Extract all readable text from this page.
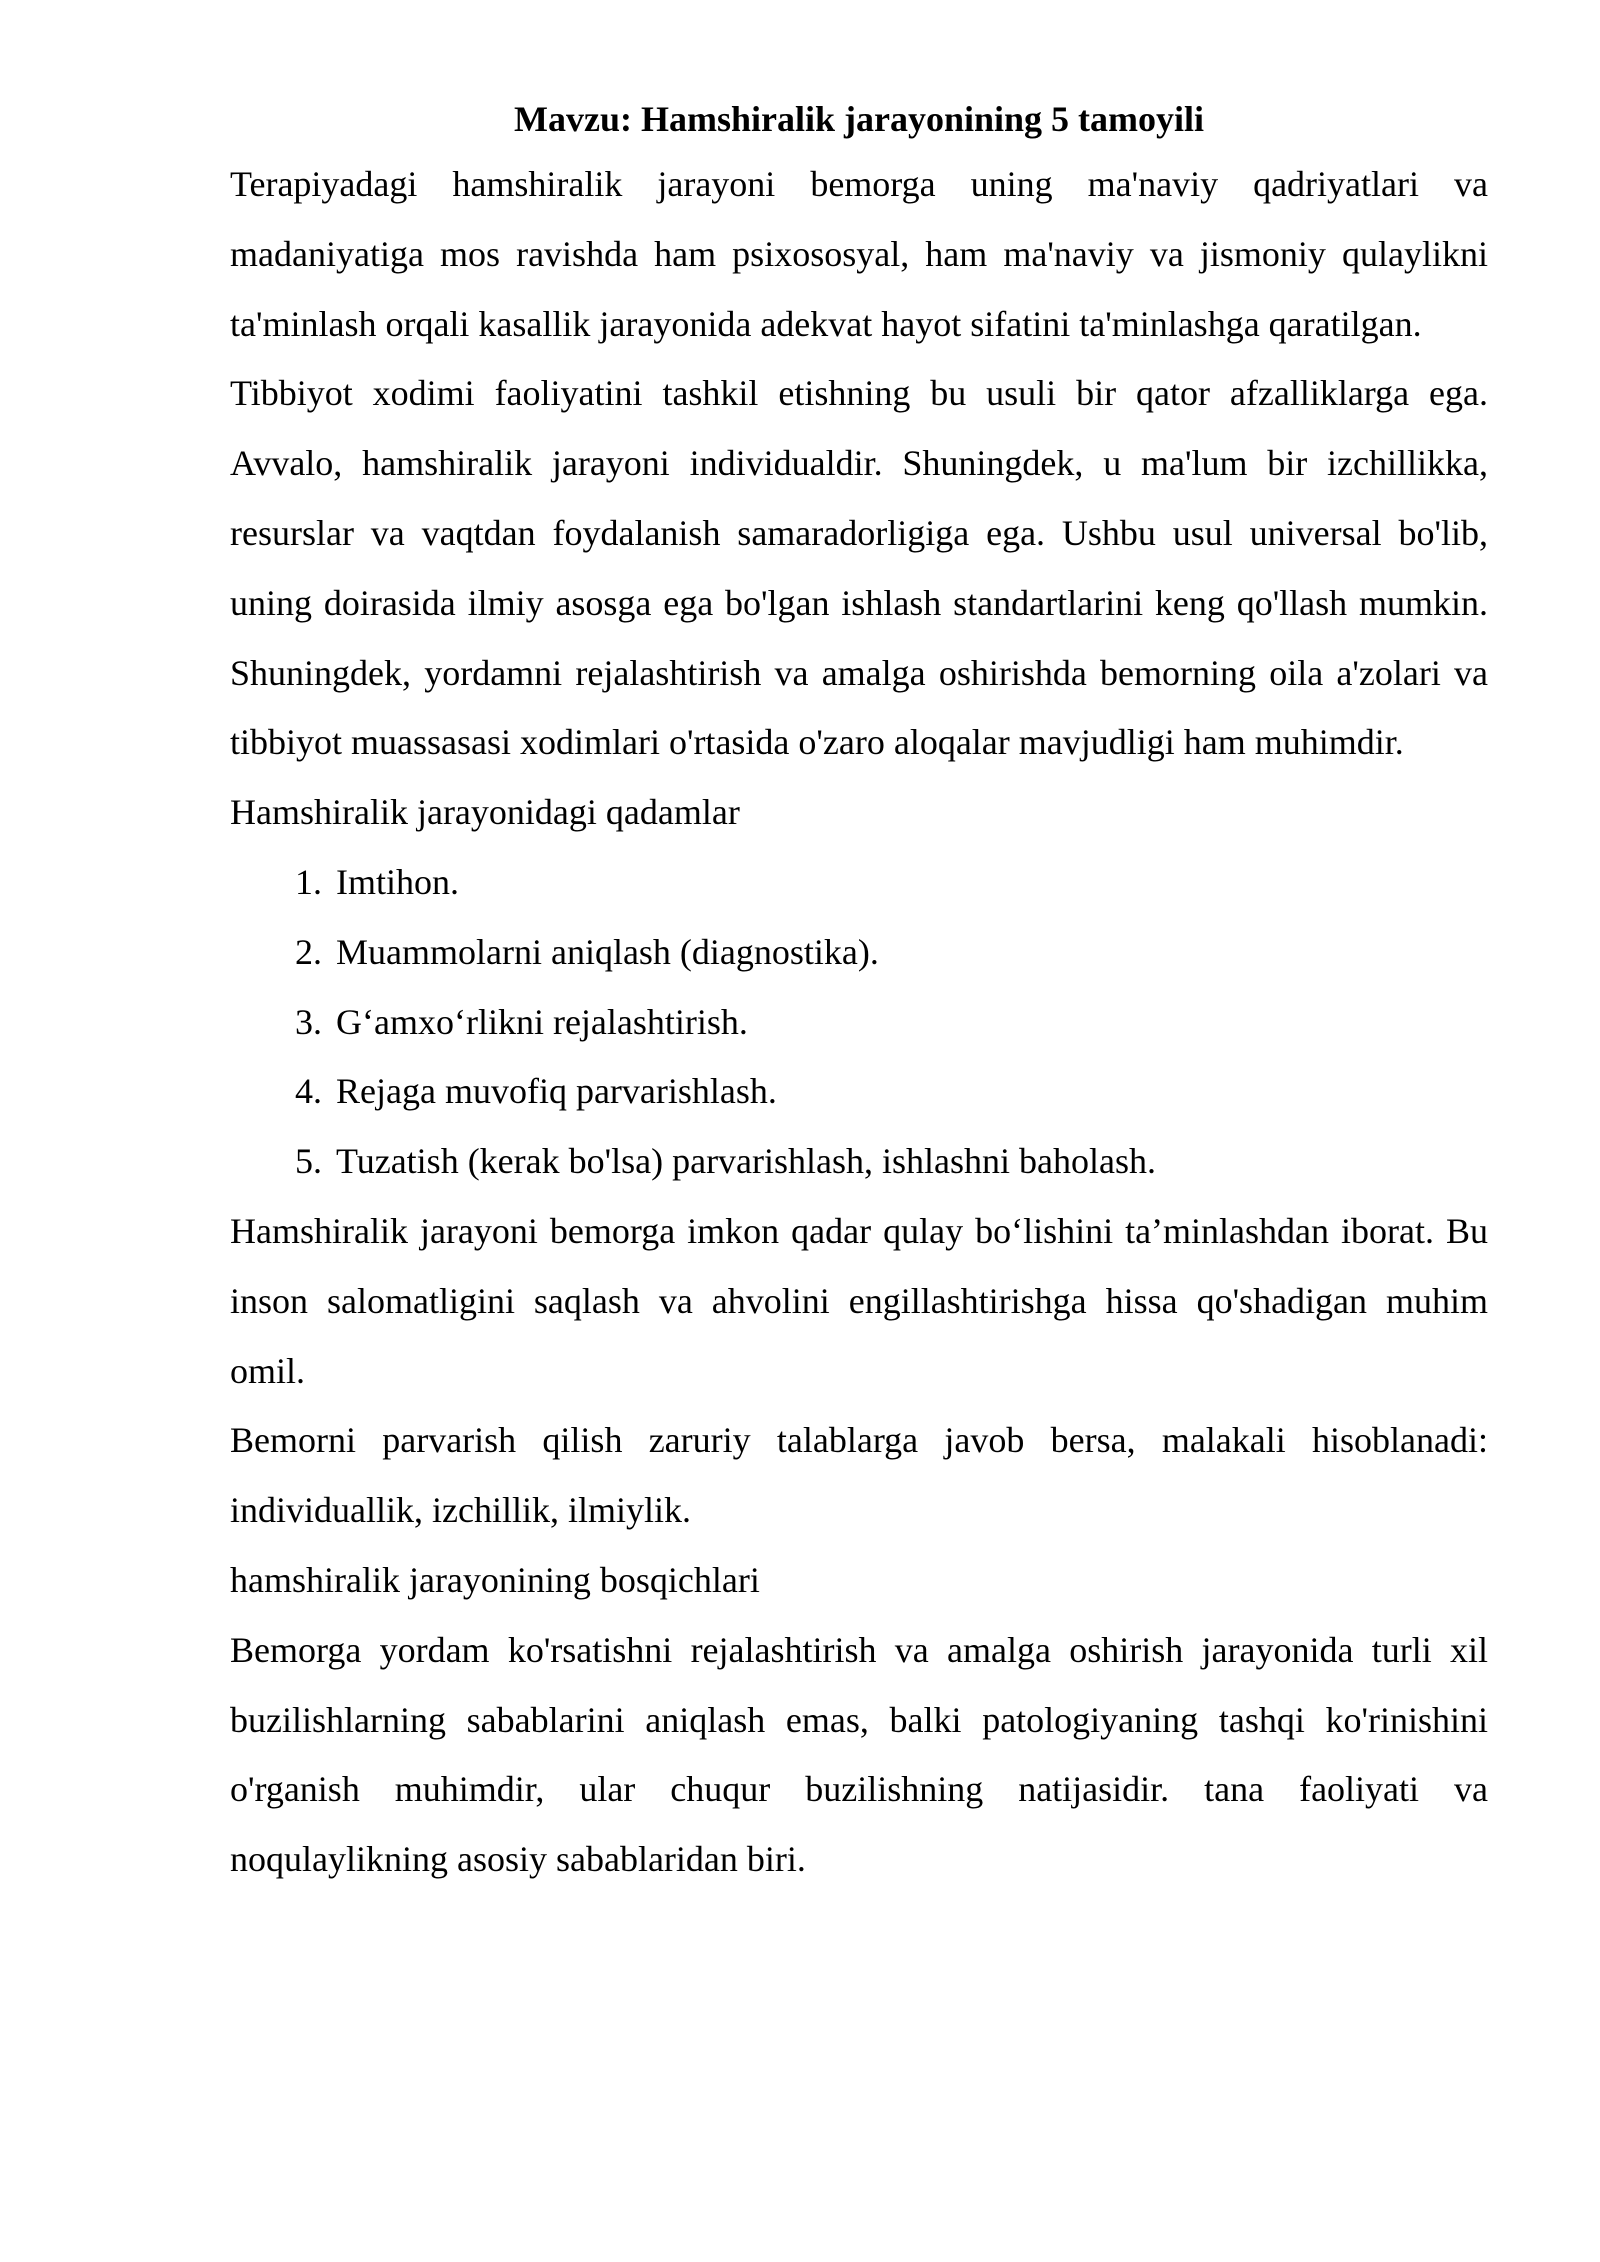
Mavzu: Hamshiralik jarayonining 5 tamoyili

Terapiyadagi hamshiralik jarayoni bemorga uning ma'naviy qadriyatlari va madaniyatiga mos ravishda ham psixososyal, ham ma'naviy va jismoniy qulaylikni ta'minlash orqali kasallik jarayonida adekvat hayot sifatini ta'minlashga qaratilgan.

Tibbiyot xodimi faoliyatini tashkil etishning bu usuli bir qator afzalliklarga ega. Avvalo, hamshiralik jarayoni individualdir. Shuningdek, u ma'lum bir izchillikka, resurslar va vaqtdan foydalanish samaradorligiga ega. Ushbu usul universal bo'lib, uning doirasida ilmiy asosga ega bo'lgan ishlash standartlarini keng qo'llash mumkin. Shuningdek, yordamni rejalashtirish va amalga oshirishda bemorning oila a'zolari va tibbiyot muassasasi xodimlari o'rtasida o'zaro aloqalar mavjudligi ham muhimdir.

Hamshiralik jarayonidagi qadamlar

1. Imtihon.
2. Muammolarni aniqlash (diagnostika).
3. G‘amxo‘rlikni rejalashtirish.
4. Rejaga muvofiq parvarishlash.
5. Tuzatish (kerak bo'lsa) parvarishlash, ishlashni baholash.

Hamshiralik jarayoni bemorga imkon qadar qulay bo‘lishini ta’minlashdan iborat. Bu inson salomatligini saqlash va ahvolini engillashtirishga hissa qo'shadigan muhim omil.

Bemorni parvarish qilish zaruriy talablarga javob bersa, malakali hisoblanadi: individuallik, izchillik, ilmiylik.

hamshiralik jarayonining bosqichlari

Bemorga yordam ko'rsatishni rejalashtirish va amalga oshirish jarayonida turli xil buzilishlarning sabablarini aniqlash emas, balki patologiyaning tashqi ko'rinishini o'rganish muhimdir, ular chuqur buzilishning natijasidir. tana faoliyati va noqulaylikning asosiy sabablaridan biri.
